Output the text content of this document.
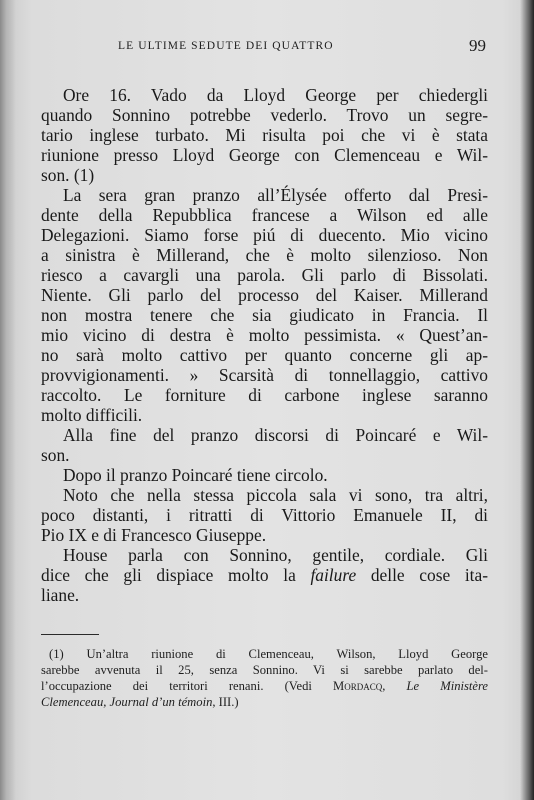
LE ULTIME SEDUTE DEI QUATTRO	99

Ore 16. Vado da Lloyd George per chiedergli
quando Sonnino potrebbe vederlo. Trovo un segre-
tario inglese turbato. Mi risulta poi che vi è stata
riunione presso Lloyd George con Clemenceau e Wil-
son. (1)

La sera gran pranzo all’Élysée offerto dal Presi-
dente della Repubblica francese a Wilson ed alle
Delegazioni. Siamo forse piú di duecento. Mio vicino
a sinistra è Millerand, che è molto silenzioso. Non
riesco a cavargli una parola. Gli parlo di Bissolati.
Niente. Gli parlo del processo del Kaiser. Millerand
non mostra tenere che sia giudicato in Francia. Il
mio vicino di destra è molto pessimista. « Quest’an-
no sarà molto cattivo per quanto concerne gli ap-
provvigionamenti. » Scarsità di tonnellaggio, cattivo
raccolto. Le forniture di carbone inglese saranno
molto difficili.

Alla fine del pranzo discorsi di Poincaré e Wil-
son.

Dopo il pranzo Poincaré tiene circolo.

Noto che nella stessa piccola sala vi sono, tra altri,
poco distanti, i ritratti di Vittorio Emanuele II, di
Pio IX e di Francesco Giuseppe.

House parla con Sonnino, gentile, cordiale. Gli
dice che gli dispiace molto la failure delle cose ita-
liane.

(1) Un’altra riunione di Clemenceau, Wilson, Lloyd George
sarebbe avvenuta il 25, senza Sonnino. Vi si sarebbe parlato del-
l’occupazione dei territori renani. (Vedi Mordacq, Le Ministère
Clemenceau, Journal d’un témoin, III.)
